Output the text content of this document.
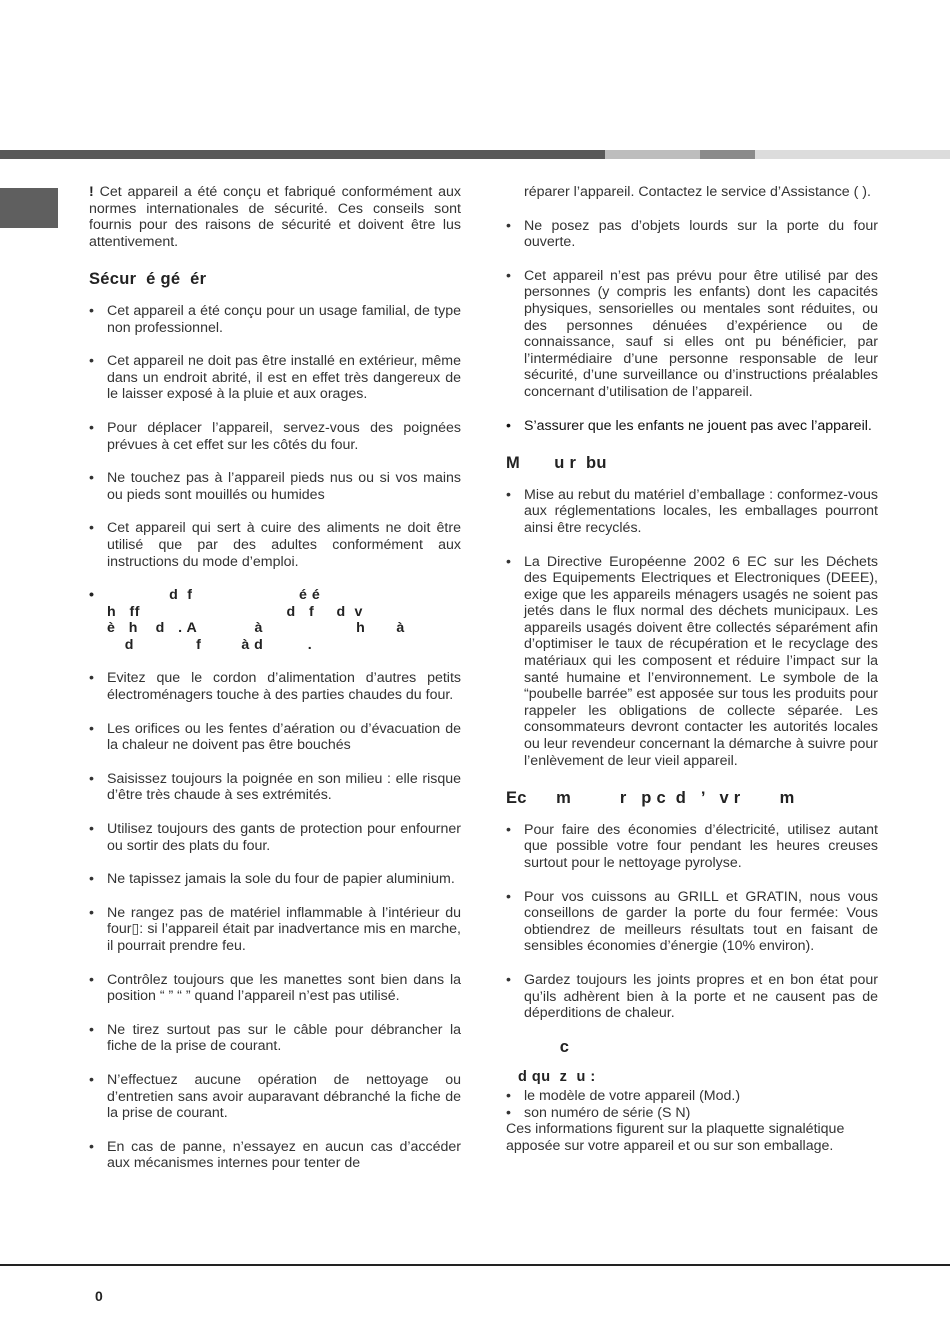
! Cet appareil a été conçu et fabriqué conformément aux normes internationales de sécurité. Ces conseils sont fournis pour des raisons de sécurité et doivent être lus attentivement.

Sécur  é gé  ér
• Cet appareil a été conçu pour un usage familial, de type non professionnel.
• Cet appareil ne doit pas être installé en extérieur, même dans un endroit abrité, il est en effet très dangereux de le laisser exposé à la pluie et aux orages.
• Pour déplacer l’appareil, servez-vous des poignées prévues à cet effet sur les côtés du four.
• Ne touchez pas à l’appareil pieds nus ou si vos mains ou pieds sont mouillés ou humides
• Cet appareil qui sert à cuire des aliments ne doit être utilisé que par des adultes conformément aux instructions du mode d’emploi.
•               d  f                        é é
h   ff                                 d   f     d  v
è   h    d   . A             à                     h       à
d              f         à d          .
• Evitez que le cordon d’alimentation d’autres petits électroménagers touche à des parties chaudes du four.
• Les orifices ou les fentes d’aération ou d’évacuation de la chaleur ne doivent pas être bouchés
• Saisissez toujours la poignée en son milieu : elle risque d’être très chaude à ses extrémités.
• Utilisez toujours des gants de protection pour enfourner ou sortir des plats du four.
• Ne tapissez jamais la sole du four de papier aluminium.
• Ne rangez pas de matériel inflammable à l’intérieur du four▯: si l’appareil était par inadvertance mis en marche, il pourrait prendre feu.
• Contrôlez toujours que les manettes sont bien dans la position “ ” “ ” quand l’appareil n’est pas utilisé.
• Ne tirez surtout pas sur le câble pour débrancher la fiche de la prise de courant.
• N’effectuez aucune opération de nettoyage ou d’entretien sans avoir auparavant débranché la fiche de la prise de courant.
• En cas de panne, n’essayez en aucun cas d’accéder aux mécanismes internes pour tenter de
réparer l’appareil. Contactez le service d’Assistance ( ).
• Ne posez pas d’objets lourds sur la porte du four ouverte.
• Cet appareil n’est pas prévu pour être utilisé par des personnes (y compris les enfants) dont les capacités physiques, sensorielles ou mentales sont réduites, ou des personnes dénuées d’expérience ou de connaissance, sauf si elles ont pu bénéficier, par l’intermédiaire d’une personne responsable de leur sécurité, d’une surveillance ou d’instructions préalables concernant d’utilisation de l’appareil.
• S’assurer que les enfants ne jouent pas avec l’appareil.
M       u r  bu
• Mise au rebut du matériel d’emballage : conformez-vous aux réglementations locales, les emballages pourront ainsi être recyclés.
• La Directive Européenne 2002 6 EC sur les Déchets des Equipements Electriques et Electroniques (DEEE), exige que les appareils ménagers usagés ne soient pas jetés dans le flux normal des déchets municipaux. Les appareils usagés doivent être collectés séparément afin d’optimiser le taux de récupération et le recyclage des matériaux qui les composent et réduire l’impact sur la santé humaine et l’environnement. Le symbole de la “poubelle barrée” est apposée sur tous les produits pour rappeler les obligations de collecte séparée. Les consommateurs devront contacter les autorités locales ou leur revendeur concernant la démarche à suivre pour l’enlèvement de leur vieil appareil.
Ec      m          r   p c  d   ’   v r        m
• Pour faire des économies d’électricité, utilisez autant que possible votre four pendant les heures creuses surtout pour le nettoyage pyrolyse.
• Pour vos cuissons au GRILL et GRATIN, nous vous conseillons de garder la porte du four fermée: Vous obtiendrez de meilleurs résultats tout en faisant de sensibles économies d’énergie (10% environ).
• Gardez toujours les joints propres et en bon état pour qu’ils adhèrent bien à la porte et ne causent pas de déperditions de chaleur.
c
d qu  z  u :
• le modèle de votre appareil (Mod.)
• son numéro de série (S N)

Ces informations figurent sur la plaquette signalétique apposée sur votre appareil et ou sur son emballage.

0
